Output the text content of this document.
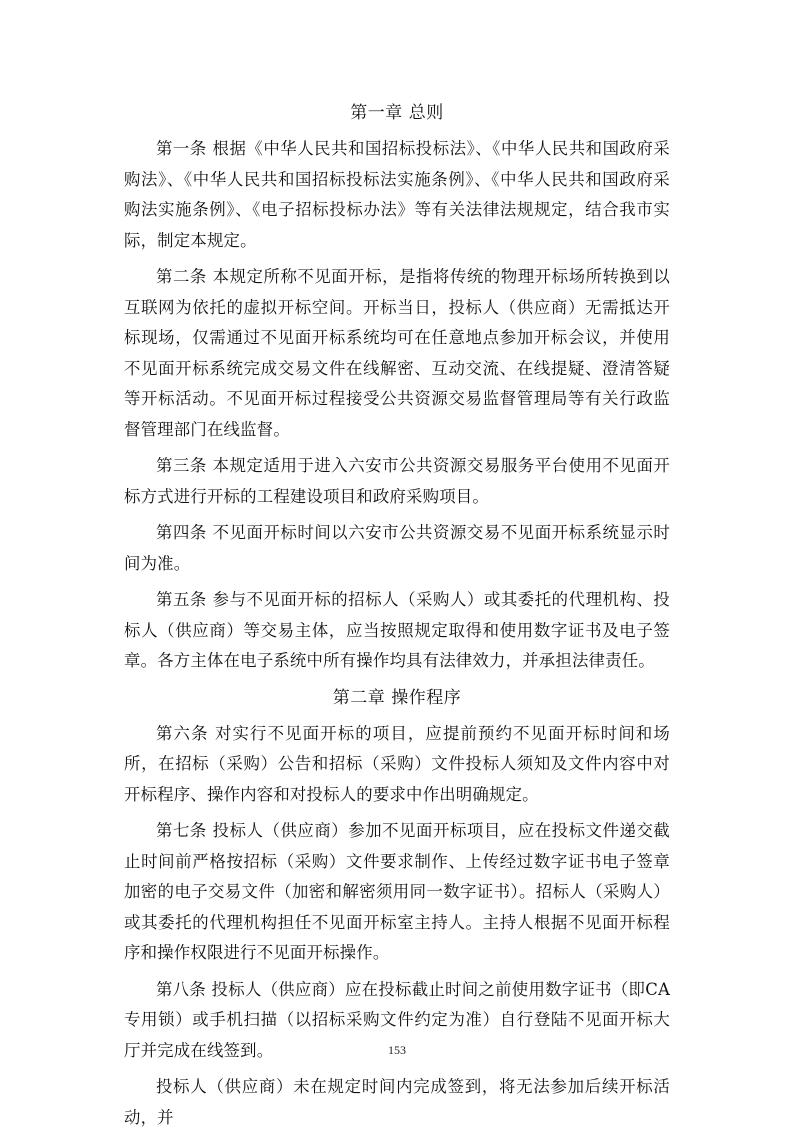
第一章 总则

第一条 根据《中华人民共和国招标投标法》、《中华人民共和国政府采购法》、《中华人民共和国招标投标法实施条例》、《中华人民共和国政府采购法实施条例》、《电子招标投标办法》等有关法律法规规定，结合我市实际，制定本规定。

第二条 本规定所称不见面开标，是指将传统的物理开标场所转换到以互联网为依托的虚拟开标空间。开标当日，投标人（供应商）无需抵达开标现场，仅需通过不见面开标系统均可在任意地点参加开标会议，并使用不见面开标系统完成交易文件在线解密、互动交流、在线提疑、澄清答疑等开标活动。不见面开标过程接受公共资源交易监督管理局等有关行政监督管理部门在线监督。

第三条 本规定适用于进入六安市公共资源交易服务平台使用不见面开标方式进行开标的工程建设项目和政府采购项目。

第四条 不见面开标时间以六安市公共资源交易不见面开标系统显示时间为准。

第五条 参与不见面开标的招标人（采购人）或其委托的代理机构、投标人（供应商）等交易主体，应当按照规定取得和使用数字证书及电子签章。各方主体在电子系统中所有操作均具有法律效力，并承担法律责任。

第二章 操作程序

第六条 对实行不见面开标的项目，应提前预约不见面开标时间和场所，在招标（采购）公告和招标（采购）文件投标人须知及文件内容中对开标程序、操作内容和对投标人的要求中作出明确规定。

第七条 投标人（供应商）参加不见面开标项目，应在投标文件递交截止时间前严格按招标（采购）文件要求制作、上传经过数字证书电子签章加密的电子交易文件（加密和解密须用同一数字证书）。招标人（采购人）或其委托的代理机构担任不见面开标室主持人。主持人根据不见面开标程序和操作权限进行不见面开标操作。

第八条 投标人（供应商）应在投标截止时间之前使用数字证书（即CA专用锁）或手机扫描（以招标采购文件约定为准）自行登陆不见面开标大厅并完成在线签到。

投标人（供应商）未在规定时间内完成签到，将无法参加后续开标活动，并

153
